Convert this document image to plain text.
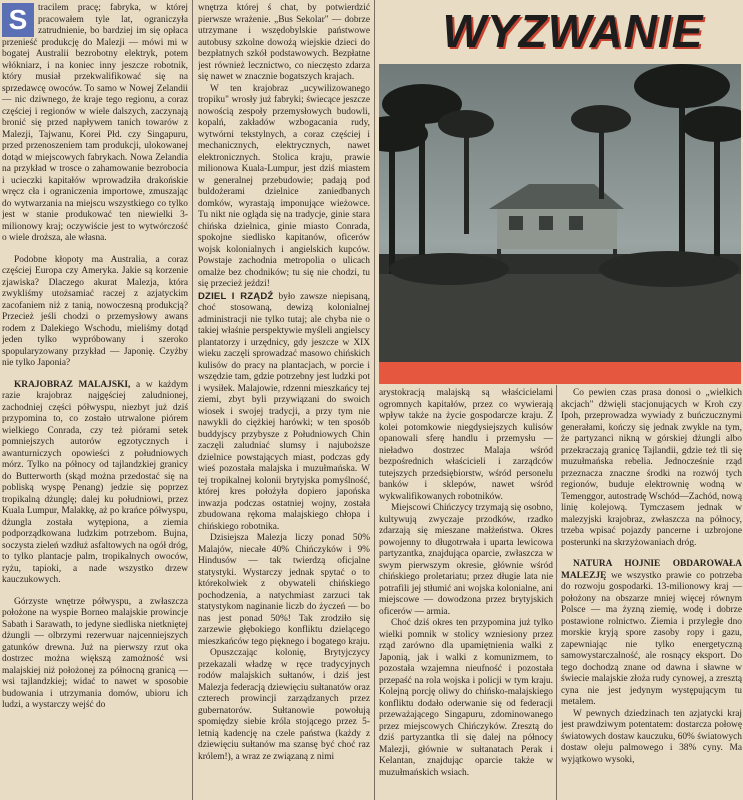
S	tracilem pracę; fabryka, w której pracowałem tyle lat, ograniczyła zatrudnienie, bo bardziej im się opłaca przenieść produkcję do Malezji — mówi mi w bogatej Australii bezrobotny elektryk, potem włókniarz, i na koniec inny jeszcze robotnik, który musiał przekwalifikować się na sprzedawcę owoców. To samo w Nowej Zelandii — nic dziwnego, że kraje tego regionu, a coraz częściej i regionów w wiele dalszych, zaczynają bronić się przed napływem tanich towarów z Malezji, Tajwanu, Korei Płd. czy Singapuru, przed przenoszeniem tam produkcji, ulokowanej dotąd w miejscowych fabrykach. Nowa Zelandia na przykład w trosce o zahamowanie bezrobocia i ucieczki kapitałów wprowadziła drakońskie wręcz cła i ograniczenia importowe, zmuszając do wytwarzania na miejscu wszystkiego co tylko jest w stanie produkować ten niewielki 3-milionowy kraj; oczywiście jest to wytwórczość o wiele droższa, ale własna.

Podobne kłopoty ma Australia, a coraz częściej Europa czy Ameryka. Jakie są korzenie zjawiska? Dlaczego akurat Malezja, która zwykliśmy utożsamiać raczej z azjatyckim zacofaniem niż z tanią, nowoczesną produkcją? Przecież jeśli chodzi o przemysłowy awans rodem z Dalekiego Wschodu, mieliśmy dotąd jeden tylko wypróbowany i szeroko spopularyzowany przykład — Japonię. Czyżby nie tylko Japonia?

KRAJOBRAZ MALAJSKI, a w każdym razie krajobraz najgęściej zaludnionej, zachodniej części półwyspu, niezbyt już dziś przypomina to, co zostało utrwalone piórem wielkiego Conrada, czy też piórami setek pomniejszych autorów egzotycznych i awanturniczych opowieści z południowych mórz. Tylko na północy od tajlandzkiej granicy do Butterworth (skąd można przedostać się na pobliską wyspę Penang) jedzie się poprzez tropikalną dżunglę; dalej ku południowi, przez Kuala Lumpur, Malakkę, aż po krańce półwyspu, dżungla została wytępiona, a ziemia podporządkowana ludzkim potrzebom. Bujna, soczysta zieleń wzdłuż asfaltowych na ogół dróg, to tylko plantacje palm, tropikalnych owoców, ryżu, tapioki, a nade wszystko drzew kauczukowych.

Górzyste wnętrze półwyspu, a zwłaszcza położone na wyspie Borneo malajskie prowincje Sabath i Sarawath, to jedyne siedliska nietkniętej dżungli — olbrzymi rezerwuar najcenniejszych gatunków drewna. Już na pierwszy rzut oka dostrzec można większą zamożność wsi malajskiej niż położonej za północną granicą — wsi tajlandzkiej; widać to nawet w sposobie budowania i utrzymania domów, ubioru ich ludzi, a wystarczy wejść do

wnętrza której ś chat, by potwierdzić pierwsze wrażenie. „Bus Sekolar" — dobrze utrzymane i wszędobylskie państwowe autobusy szkolne dowożą wiejskie dzieci do bezpłatnych szkół podstawowych. Bezpłatne jest również lecznictwo, co nieczęsto zdarza się nawet w znacznie bogatszych krajach.

W ten krajobraz „ucywilizowanego tropiku" wrosły już fabryki; świecące jeszcze nowością zespoły przemysłowych budowli, kopalń, zakładów wzbogacania rudy, wytwórni tekstylnych, a coraz częściej i mechanicznych, elektrycznych, nawet elektronicznych. Stolica kraju, prawie milionowa Kuala-Lumpur, jest dziś miastem w generalnej przebudowie; padają pod buldożerami dzielnice zaniedbanych domków, wyrastają imponujące wieżowce. Tu nikt nie ogląda się na tradycje, ginie stara chińska dzielnica, ginie miasto Conrada, spokojne siedlisko kapitanów, oficerów wojsk kolonialnych i angielskich kupców. Powstaje zachodnia metropolia o ulicach omalże bez chodników; tu się nie chodzi, tu się przecież jeździ!

DZIEL I RZĄDŹ było zawsze niepisaną, choć stosowaną, dewizą kolonialnej administracji nie tylko tutaj; ale chyba nie o takiej właśnie perspektywie myśleli angielscy plantatorzy i urzędnicy, gdy jeszcze w XIX wieku zaczęli sprowadzać masowo chińskich kulisów do pracy na plantacjach, w porcie i wszędzie tam, gdzie potrzebny jest ludzki pot i wysiłek. Malajowie, rdzenni mieszkańcy tej ziemi, zbyt byli przywiązani do swoich wiosek i swojej tradycji, a przy tym nie nawykli do ciężkiej harówki; w ten sposób buddyjscy przybysze z Południowych Chin zaczęli zaludniać slumsy i najuboższe dzielnice powstających miast, podczas gdy wieś pozostała malajska i muzułmańska. W tej tropikalnej kolonii brytyjska pomyślność, której kres położyła dopiero japońska inwazja podczas ostatniej wojny, została zbudowana rękoma malajskiego chłopa i chińskiego robotnika.

Dzisiejsza Malezja liczy ponad 50% Malajów, niecałe 40% Chińczyków i 9% Hindusów — tak twierdzą oficjalne statystyki. Wystarczy jednak spytać o to którekolwiek z obywateli chińskiego pochodzenia, a natychmiast zarzuci tak statystykom naginanie liczb do życzeń — bo nas jest ponad 50%! Tak zrodziło się zarzewie głębokiego konfliktu dzielącego mieszkańców tego pięknego i bogatego kraju.

Opuszczając kolonię, Brytyjczycy przekazali władzę w ręce tradycyjnych rodów malajskich sułtanów, i dziś jest Malezja federacją dziewięciu sułtanatów oraz czterech prowincji zarządzanych przez gubernatorów. Sułtanowie powołują spomiędzy siebie króla stojącego przez 5-letnią kadencję na czele państwa (każdy z dziewięciu sułtanów ma szansę być choć raz królem!), a wraz ze związaną z nimi

WYZWANIE

arystokracją malajską są właścicielami ogromnych kapitałów, przez co wywierają wpływ także na życie gospodarcze kraju. Z kolei potomkowie niegdysiejszych kulisów opanowali sferę handlu i przemysłu — nieładwo dostrzec Malaja wśród bezpośrednich właścicieli i zarządców tutejszych przedsiębiorstw, wśród personelu banków i sklepów, nawet wśród wykwalifikowanych robotników.

Miejscowi Chińczycy trzymają się osobno, kultywują zwyczaje przodków, rzadko zdarzają się mieszane małżeństwa. Okres powojenny to długotrwała i uparta lewicowa partyzantka, znajdująca oparcie, zwłaszcza w swym pierwszym okresie, głównie wśród chińskiego proletariatu; przez długie lata nie potrafili jej stłumić ani wojska kolonialne, ani miejscowe — dowodzona przez brytyjskich oficerów — armia.

Choć dziś okres ten przypomina już tylko wielki pomnik w stolicy wzniesiony przez rząd zarówno dla upamiętnienia walki z Japonią, jak i walki z komunizmem, to pozostała wzajemna nieufność i pozostała przepaść na rola wojska i policji w tym kraju. Kolejną porcję oliwy do chińsko-malajskiego konfliktu dodało oderwanie się od federacji przeważającego Singapuru, zdominowanego przez miejscowych Chińczyków. Zresztą do dziś partyzantka tli się dalej na północy Malezji, głównie w sułtanatach Perak i Kelantan, znajdując oparcie także w muzułmańskich wsiach.

Co pewien czas prasa donosi o „wielkich akcjach" dżwięli stacjonujących w Kroh czy Ipoh, przeprowadza wywiady z buńczucznymi generałami, kończy się jednak zwykle na tym, że partyzanci nikną w górskiej dżungli albo przekraczają granicę Tajlandii, gdzie też tli się muzułmańska rebelia. Jednocześnie rząd przeznacza znaczne środki na rozwój tych regionów, buduje elektrownię wodną w Temenggor, autostradę Wschód—Zachód, nową linię kolejową. Tymczasem jednak w malezyjski krajobraz, zwłaszcza na północy, trzeba wpisać pojazdy pancerne i uzbrojone posterunki na skrzyżowaniach dróg.

NATURA HOJNIE OBDAROWAŁA MALEZJĘ we wszystko prawie co potrzeba do rozwoju gospodarki. 13-milionowy kraj — położony na obszarze mniej więcej równym Polsce — ma żyzną ziemię, wodę i dobrze postawione rolnictwo. Ziemia i przyległe dno morskie kryją spore zasoby ropy i gazu, zapewniając nie tylko energetyczną samowystarczalność, ale rosnący eksport. Do tego dochodzą znane od dawna i sławne w świecie malajskie złoża rudy cynowej, a zresztą cyna nie jest jedynym występującym tu metalem.

W pewnych dziedzinach ten azjatycki kraj jest prawdziwym potentatem: dostarcza połowę światowych dostaw kauczuku, 60% światowych dostaw oleju palmowego i 38% cyny. Ma wyjątkowo wysoki,
